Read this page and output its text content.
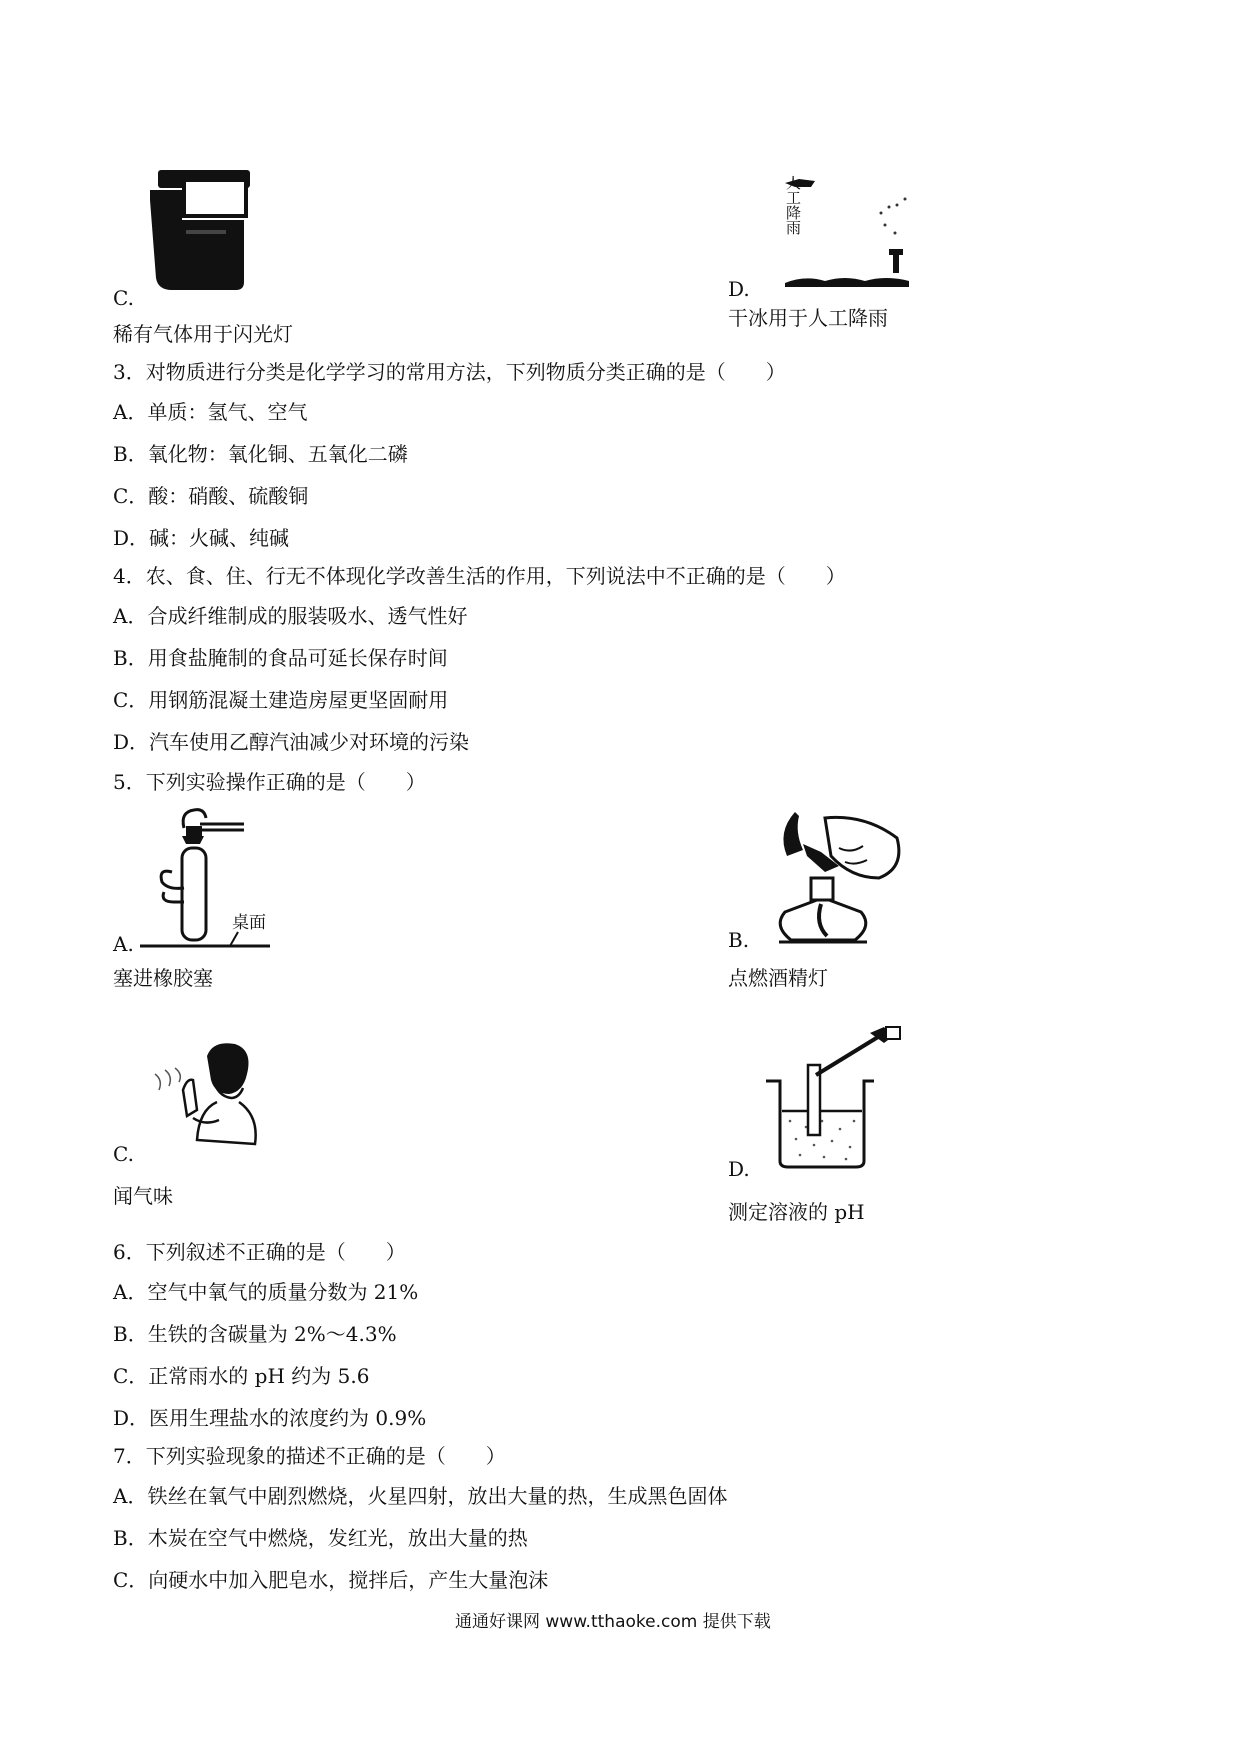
C.
稀有气体用于闪光灯
人工降雨
D.
干冰用于人工降雨
3．对物质进行分类是化学学习的常用方法，下列物质分类正确的是（　　）
A．单质：氢气、空气
B．氧化物：氧化铜、五氧化二磷
C．酸：硝酸、硫酸铜
D．碱：火碱、纯碱
4．农、食、住、行无不体现化学改善生活的作用，下列说法中不正确的是（　　）
A．合成纤维制成的服装吸水、透气性好
B．用食盐腌制的食品可延长保存时间
C．用钢筋混凝土建造房屋更坚固耐用
D．汽车使用乙醇汽油减少对环境的污染
5．下列实验操作正确的是（　　）
桌面
A.
塞进橡胶塞
B.
点燃酒精灯
C.
闻气味
D.
测定溶液的 pH
6．下列叙述不正确的是（　　）
A．空气中氧气的质量分数为 21%
B．生铁的含碳量为 2%～4.3%
C．正常雨水的 pH 约为 5.6
D．医用生理盐水的浓度约为 0.9%
7．下列实验现象的描述不正确的是（　　）
A．铁丝在氧气中剧烈燃烧，火星四射，放出大量的热，生成黑色固体
B．木炭在空气中燃烧，发红光，放出大量的热
C．向硬水中加入肥皂水，搅拌后，产生大量泡沫
通通好课网 www.tthaoke.com 提供下载
